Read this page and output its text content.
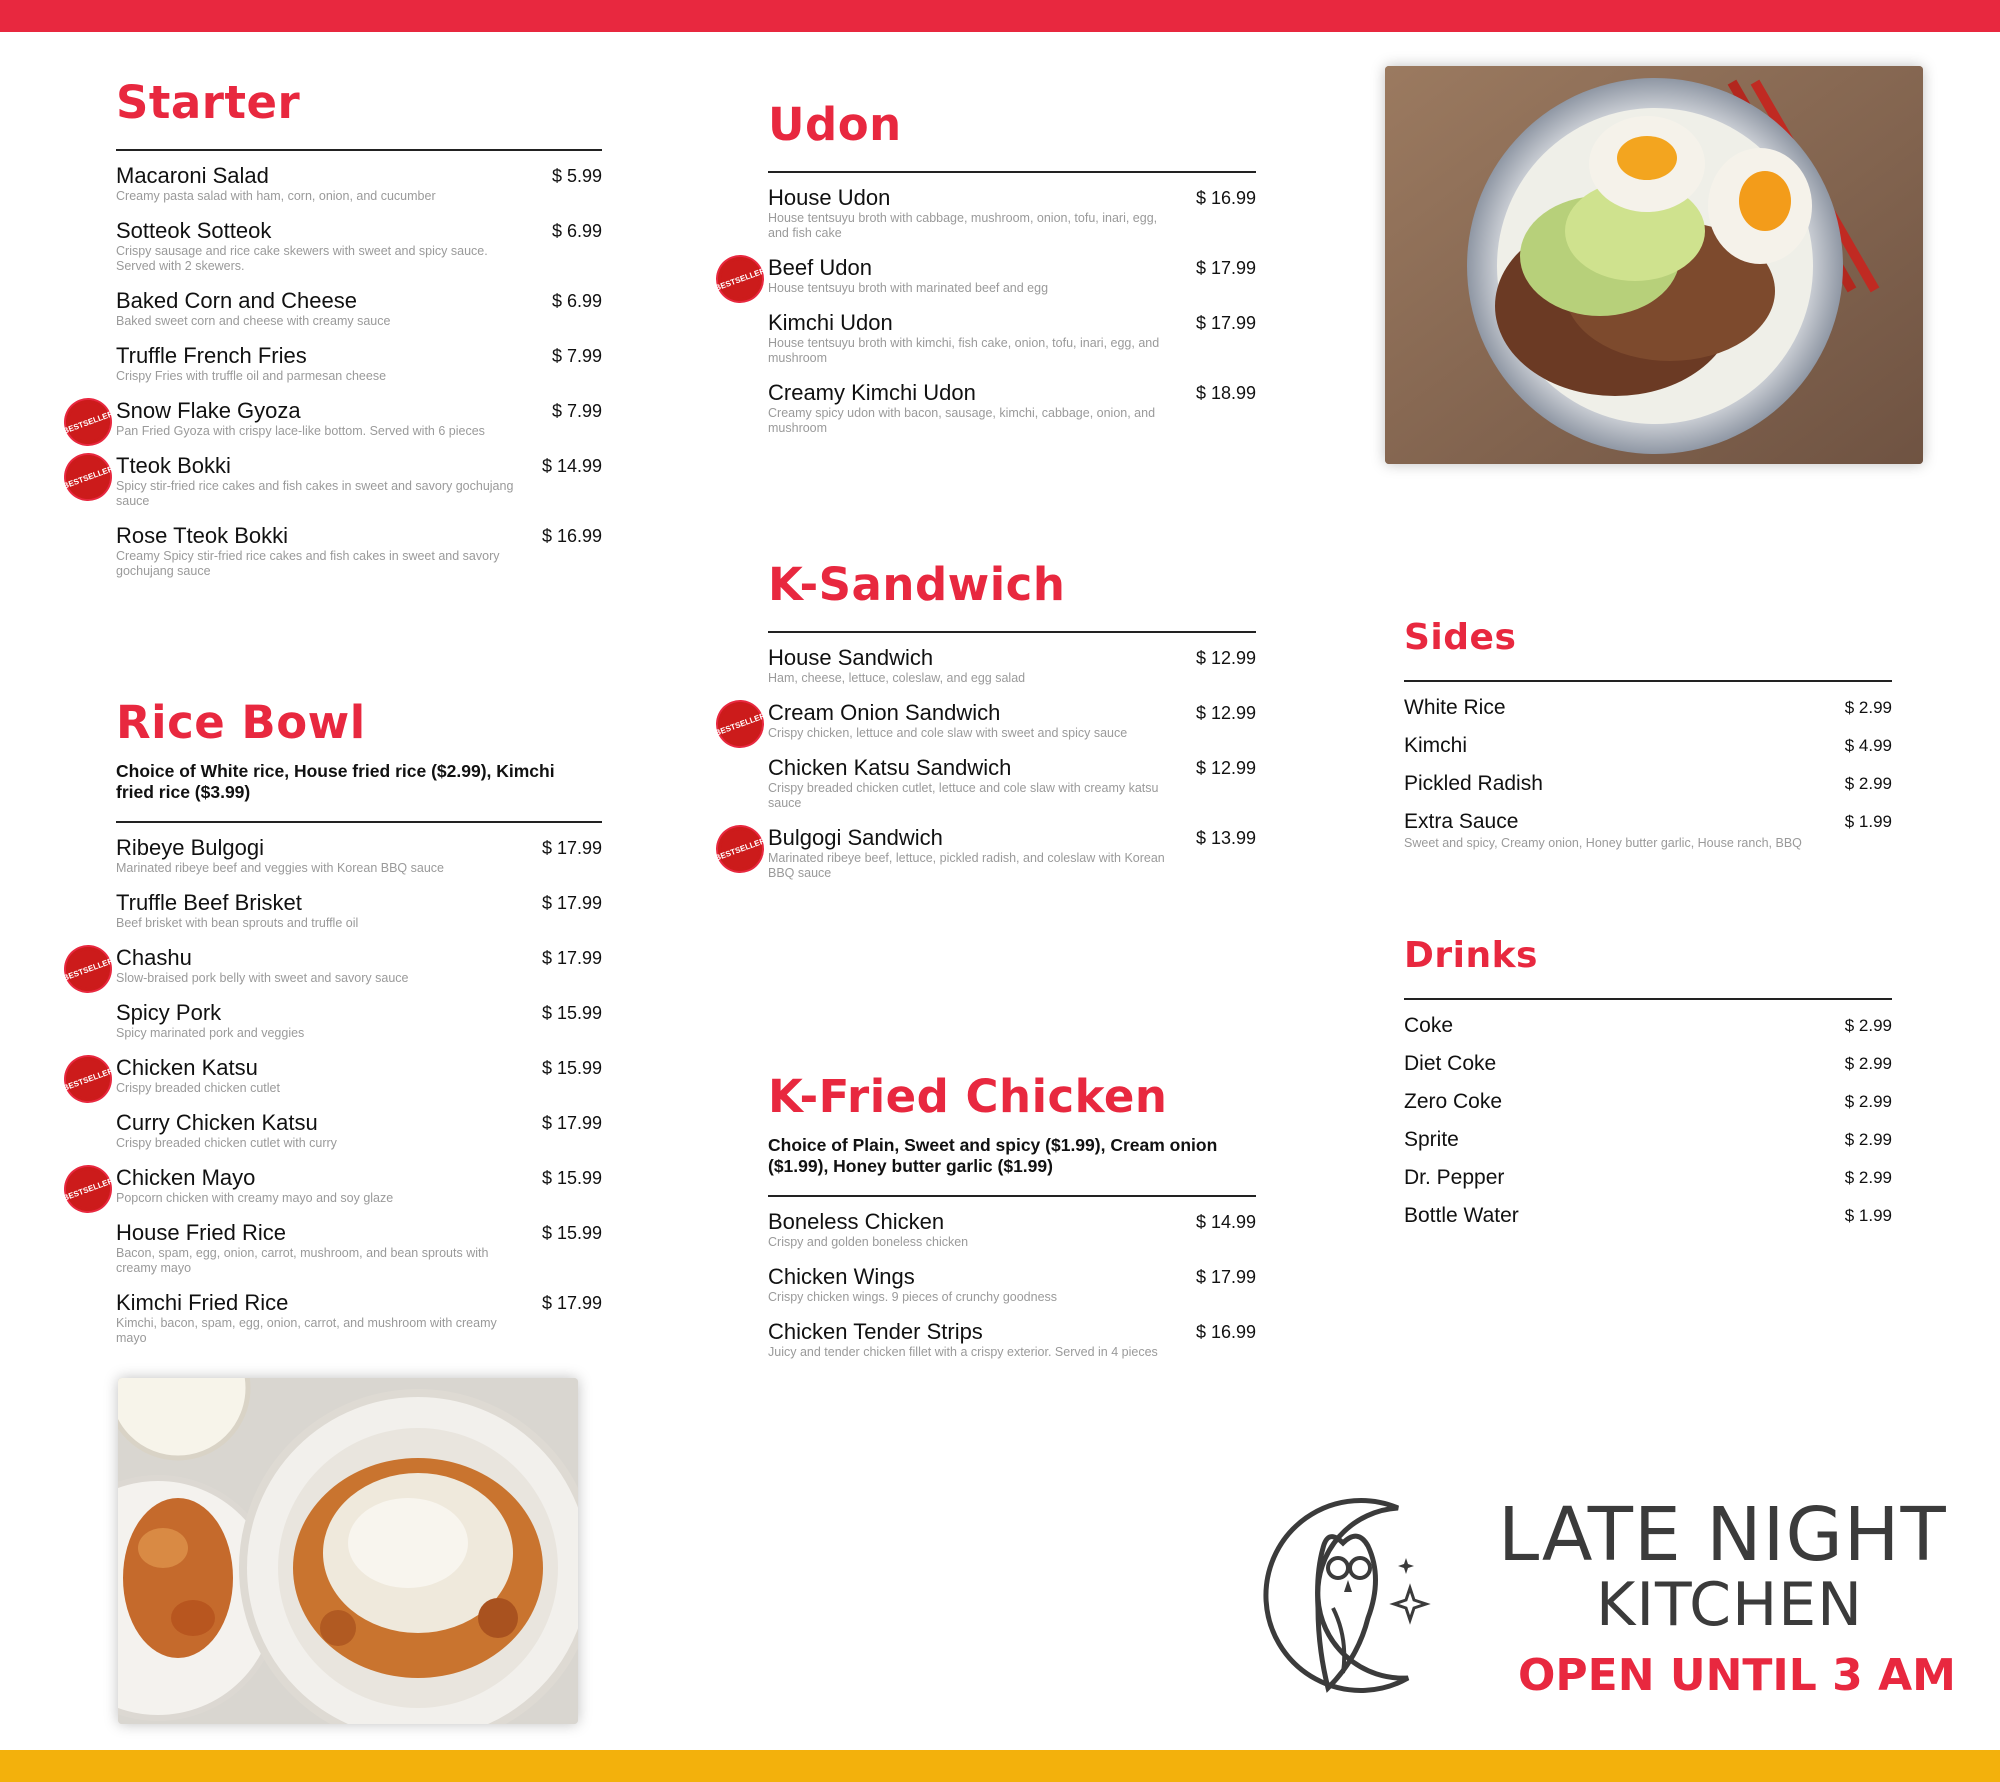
Starter
Macaroni Salad	$ 5.99
Creamy pasta salad with ham, corn, onion, and cucumber
Sotteok Sotteok	$ 6.99
Crispy sausage and rice cake skewers with sweet and spicy sauce. Served with 2 skewers.
Baked Corn and Cheese	$ 6.99
Baked sweet corn and cheese with creamy sauce
Truffle French Fries	$ 7.99
Crispy Fries with truffle oil and parmesan cheese
BEST
SELLER Snow Flake Gyoza	$ 7.99
Pan Fried Gyoza with crispy lace-like bottom. Served with 6 pieces
BEST
SELLER Tteok Bokki	$ 14.99
Spicy stir-fried rice cakes and fish cakes in sweet and savory gochujang sauce
Rose Tteok Bokki	$ 16.99
Creamy Spicy stir-fried rice cakes and fish cakes in sweet and savory gochujang sauce
Rice Bowl
Choice of White rice, House fried rice ($2.99), Kimchi fried rice ($3.99)
Ribeye Bulgogi	$ 17.99
Marinated ribeye beef and veggies with Korean BBQ sauce
Truffle Beef Brisket	$ 17.99
Beef brisket with bean sprouts and truffle oil
BEST
SELLER Chashu	$ 17.99
Slow-braised pork belly with sweet and savory sauce
Spicy Pork	$ 15.99
Spicy marinated pork and veggies
BEST
SELLER Chicken Katsu	$ 15.99
Crispy breaded chicken cutlet
Curry Chicken Katsu	$ 17.99
Crispy breaded chicken cutlet with curry
BEST
SELLER Chicken Mayo	$ 15.99
Popcorn chicken with creamy mayo and soy glaze
House Fried Rice	$ 15.99
Bacon, spam, egg, onion, carrot, mushroom, and bean sprouts with creamy mayo
Kimchi Fried Rice	$ 17.99
Kimchi, bacon, spam, egg, onion, carrot, and mushroom with creamy mayo
Udon
House Udon	$ 16.99
House tentsuyu broth with cabbage, mushroom, onion, tofu, inari, egg, and fish cake
BEST
SELLER Beef Udon	$ 17.99
House tentsuyu broth with marinated beef and egg
Kimchi Udon	$ 17.99
House tentsuyu broth with kimchi, fish cake, onion, tofu, inari, egg, and mushroom
Creamy Kimchi Udon	$ 18.99
Creamy spicy udon with bacon, sausage, kimchi, cabbage, onion, and mushroom
K-Sandwich
House Sandwich	$ 12.99
Ham, cheese, lettuce, coleslaw, and egg salad
BEST
SELLER Cream Onion Sandwich	$ 12.99
Crispy chicken, lettuce and cole slaw with sweet and spicy sauce
Chicken Katsu Sandwich	$ 12.99
Crispy breaded chicken cutlet, lettuce and cole slaw with creamy katsu sauce
BEST
SELLER Bulgogi Sandwich	$ 13.99
Marinated ribeye beef, lettuce, pickled radish, and coleslaw with Korean BBQ sauce
K-Fried Chicken
Choice of Plain, Sweet and spicy ($1.99), Cream onion ($1.99), Honey butter garlic ($1.99)
Boneless Chicken	$ 14.99
Crispy and golden boneless chicken
Chicken Wings	$ 17.99
Crispy chicken wings. 9 pieces of crunchy goodness
Chicken Tender Strips	$ 16.99
Juicy and tender chicken fillet with a crispy exterior. Served in 4 pieces
Sides
White Rice	$ 2.99
Kimchi	$ 4.99
Pickled Radish	$ 2.99
Extra Sauce	$ 1.99
Sweet and spicy, Creamy onion, Honey butter garlic, House ranch, BBQ
Drinks
Coke	$ 2.99
Diet Coke	$ 2.99
Zero Coke	$ 2.99
Sprite	$ 2.99
Dr. Pepper	$ 2.99
Bottle Water	$ 1.99
LATE NIGHT
KITCHEN
OPEN UNTIL 3 AM
